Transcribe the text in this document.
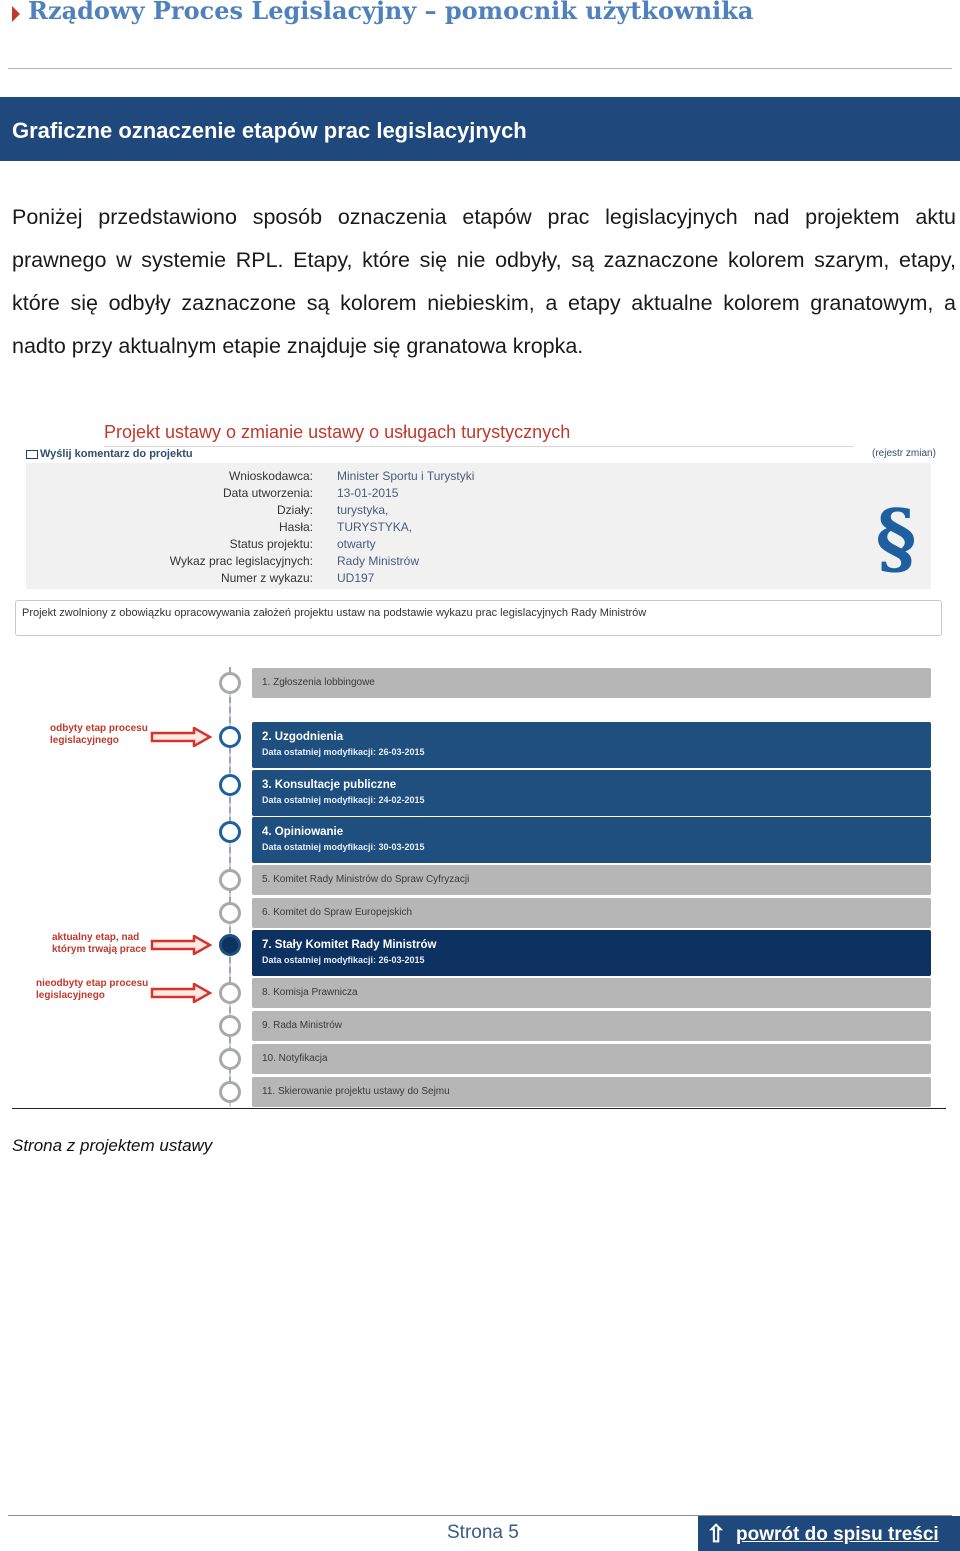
Rządowy Proces Legislacyjny – pomocnik użytkownika
Graficzne oznaczenie etapów prac legislacyjnych
Poniżej przedstawiono sposób oznaczenia etapów prac legislacyjnych nad projektem aktu prawnego w systemie RPL. Etapy, które się nie odbyły, są zaznaczone kolorem szarym, etapy, które się odbyły zaznaczone są kolorem niebieskim, a etapy aktualne kolorem granatowym, a nadto przy aktualnym etapie znajduje się granatowa kropka.
Projekt ustawy o zmianie ustawy o usługach turystycznych
Wyślij komentarz do projektu	(rejestr zmian)
Wnioskodawca: Minister Sportu i Turystyki
Data utworzenia: 13-01-2015
Działy: turystyka,
Hasła: TURYSTYKA,
Status projektu: otwarty
Wykaz prac legislacyjnych: Rady Ministrów
Numer z wykazu: UD197	§
Projekt zwolniony z obowiązku opracowywania założeń projektu ustaw na podstawie wykazu prac legislacyjnych Rady Ministrów
1. Zgłoszenia lobbingowe
2. Uzgodnienia
Data ostatniej modyfikacji: 26-03-2015
3. Konsultacje publiczne
Data ostatniej modyfikacji: 24-02-2015
4. Opiniowanie
Data ostatniej modyfikacji: 30-03-2015
5. Komitet Rady Ministrów do Spraw Cyfryzacji
6. Komitet do Spraw Europejskich
7. Stały Komitet Rady Ministrów
Data ostatniej modyfikacji: 26-03-2015
8. Komisja Prawnicza
9. Rada Ministrów
10. Notyfikacja
11. Skierowanie projektu ustawy do Sejmu
odbyty etap procesu
legislacyjnego
aktualny etap, nad
którym trwają prace
nieodbyty etap procesu
legislacyjnego
Strona z projektem ustawy
Strona 5	⇧ powrót do spisu treści
